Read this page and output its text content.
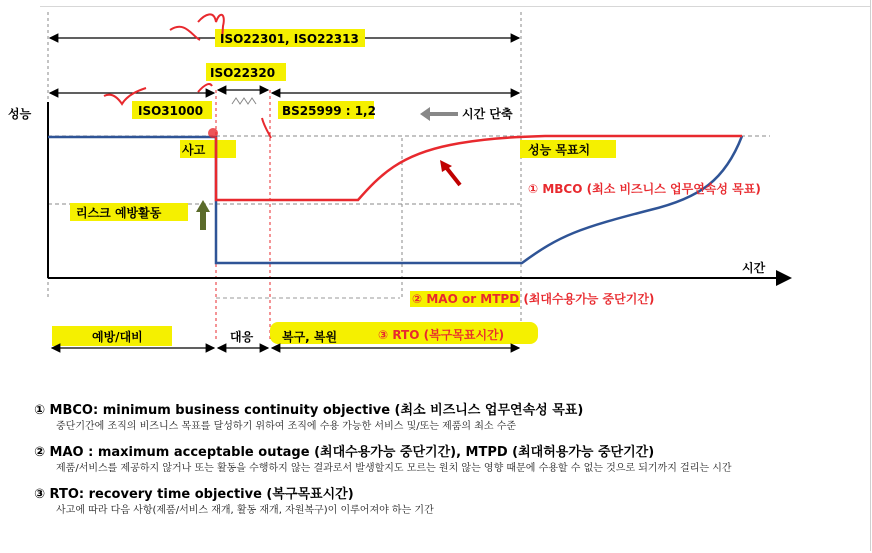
ISO22301, ISO22313
ISO22320
ISO31000	BS25999 : 1,2	시간 단축
성능
사고	성능 목표치
① MBCO (최소 비즈니스 업무연속성 목표)
리스크 예방활동
시간
② MAO or MTPD (최대수용가능 중단기간)
예방/대비	대응 복구, 복원	③ RTO (복구목표시간)
① MBCO: minimum business continuity objective (최소 비즈니스 업무연속성 목표)
중단기간에 조직의 비즈니스 목표를 달성하기 위하여 조직에 수용 가능한 서비스 및/또는 제품의 최소 수준
② MAO : maximum acceptable outage (최대수용가능 중단기간), MTPD (최대허용가능 중단기간)
제품/서비스를 제공하지 않거나 또는 활동을 수행하지 않는 결과로서 발생할지도 모르는 원치 않는 영향 때문에 수용할 수 없는 것으로 되기까지 걸리는 시간
③ RTO: recovery time objective (복구목표시간)
사고에 따라 다음 사항(제품/서비스 재개, 활동 재개, 자원복구)이 이루어져야 하는 기간
